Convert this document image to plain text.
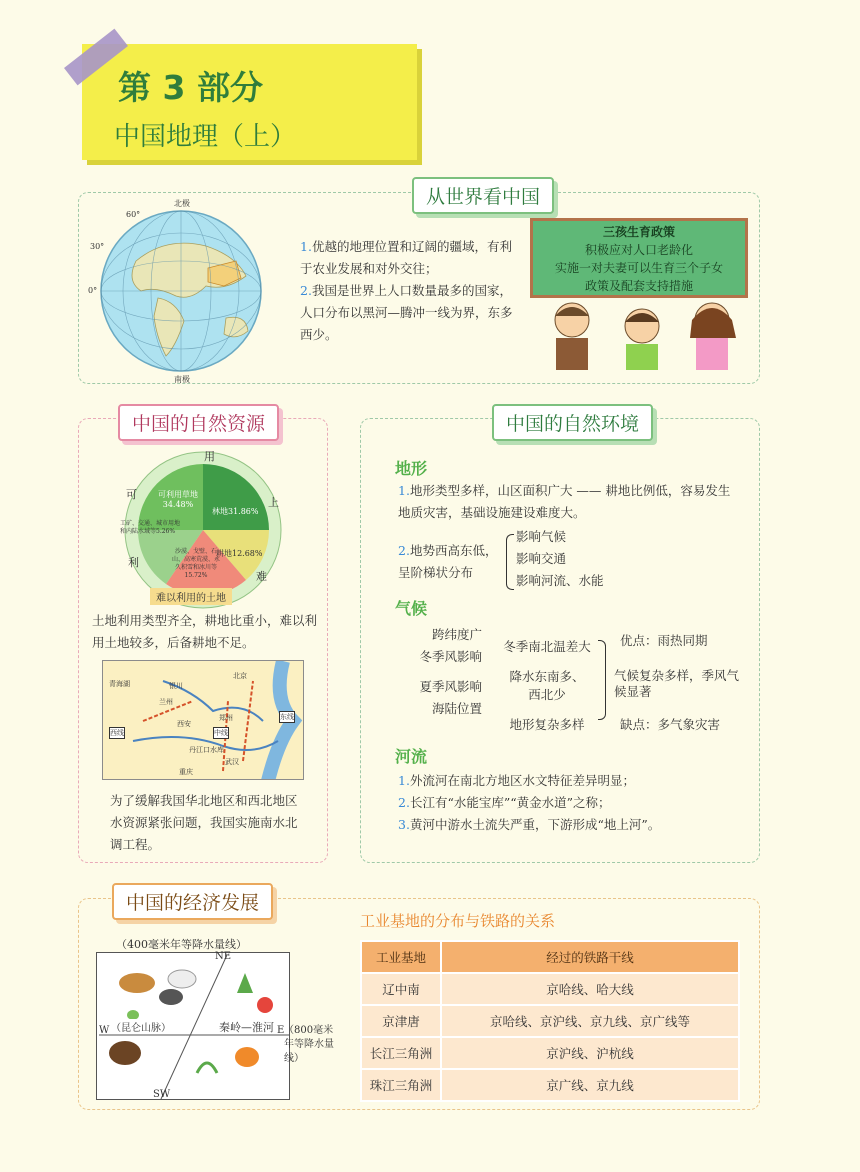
第 3 部分
中国地理（上）
从世界看中国
北极
南极
60°
30°
0°
1.优越的地理位置和辽阔的疆域，有利于农业发展和对外交往；
2.我国是世界上人口数量最多的国家，人口分布以黑河—腾冲一线为界，东多西少。
三孩生育政策
积极应对人口老龄化
实施一对夫妻可以生育三个子女
政策及配套支持措施
中国的自然资源
用
上
难
利
可	可利用草地
34.48%
林地31.86%
耕地12.68%
沙漠、戈壁、石山、高寒荒漠、永久积雪和冰川等15.72%
工矿、交通、城市用地和内陆水域等5.26%
难以利用的土地
土地利用类型齐全，耕地比重小，难以利用土地较多，后备耕地不足。
青海湖	银川
兰州
西安
北京
郑州
丹江口水库
武汉
重庆
东线
中线
西线
为了缓解我国华北地区和西北地区水资源紧张问题，我国实施南水北调工程。
中国的自然环境
地形
1.地形类型多样，山区面积广大 —— 耕地比例低，容易发生地质灾害，基础设施建设难度大。
2.地势西高东低，
呈阶梯状分布
影响气候
影响交通
影响河流、水能
气候
跨纬度广
冬季风影响
夏季风影响
海陆位置
冬季南北温差大
降水东南多、
西北少
地形复杂多样
优点：雨热同期
气候复杂多样，季风气候显著
缺点：多气象灾害
河流
1.外流河在南北方地区水文特征差异明显；
2.长江有“水能宝库”“黄金水道”之称；
3.黄河中游水土流失严重，下游形成“地上河”。
中国的经济发展
（400毫米年等降水量线）
NE
SW
W	E
（昆仑山脉）	秦岭—淮河 （800毫米年等降水量线）
工业基地的分布与铁路的关系
工业基地	经过的铁路干线
辽中南	京哈线、哈大线
京津唐	京哈线、京沪线、京九线、京广线等
长江三角洲	京沪线、沪杭线
珠江三角洲	京广线、京九线
